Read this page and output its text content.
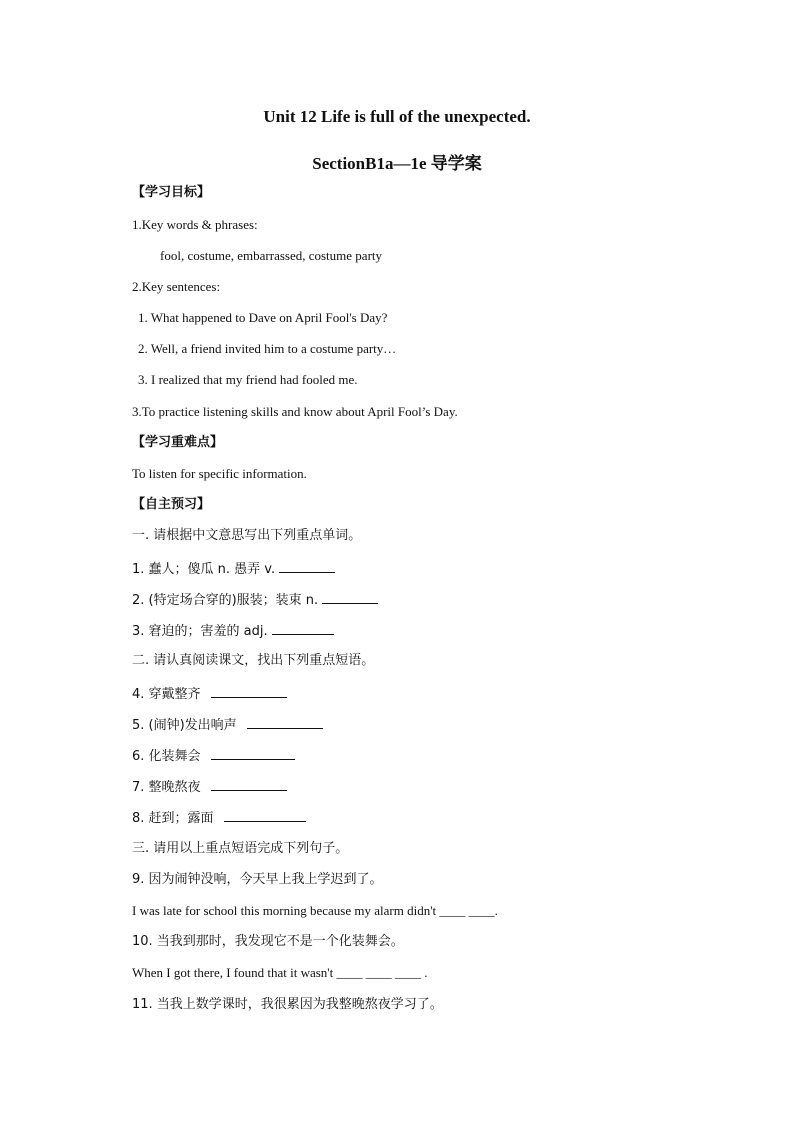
Unit 12 Life is full of the unexpected.
SectionB1a—1e 导学案
【学习目标】
1.Key words & phrases:
fool, costume, embarrassed, costume party
2.Key sentences:
1. What happened to Dave on April Fool's Day?
2. Well, a friend invited him to a costume party…
3. I realized that my friend had fooled me.
3.To practice listening skills and know about April Fool’s Day.
【学习重难点】
To listen for specific information.
【自主预习】
一. 请根据中文意思写出下列重点单词。
1. 蠢人；傻瓜 n. 愚弄 v.
2. (特定场合穿的)服装；装束 n.
3. 窘迫的；害羞的 adj.
二. 请认真阅读课文，找出下列重点短语。
4. 穿戴整齐
5. (闹钟)发出响声
6. 化装舞会
7. 整晚熬夜
8. 赶到；露面
三. 请用以上重点短语完成下列句子。
9. 因为闹钟没响，今天早上我上学迟到了。
I was late for school this morning because my alarm didn't ____ ____.
10. 当我到那时，我发现它不是一个化装舞会。
When I got there, I found that it wasn't ____ ____ ____ .
11. 当我上数学课时，我很累因为我整晚熬夜学习了。
